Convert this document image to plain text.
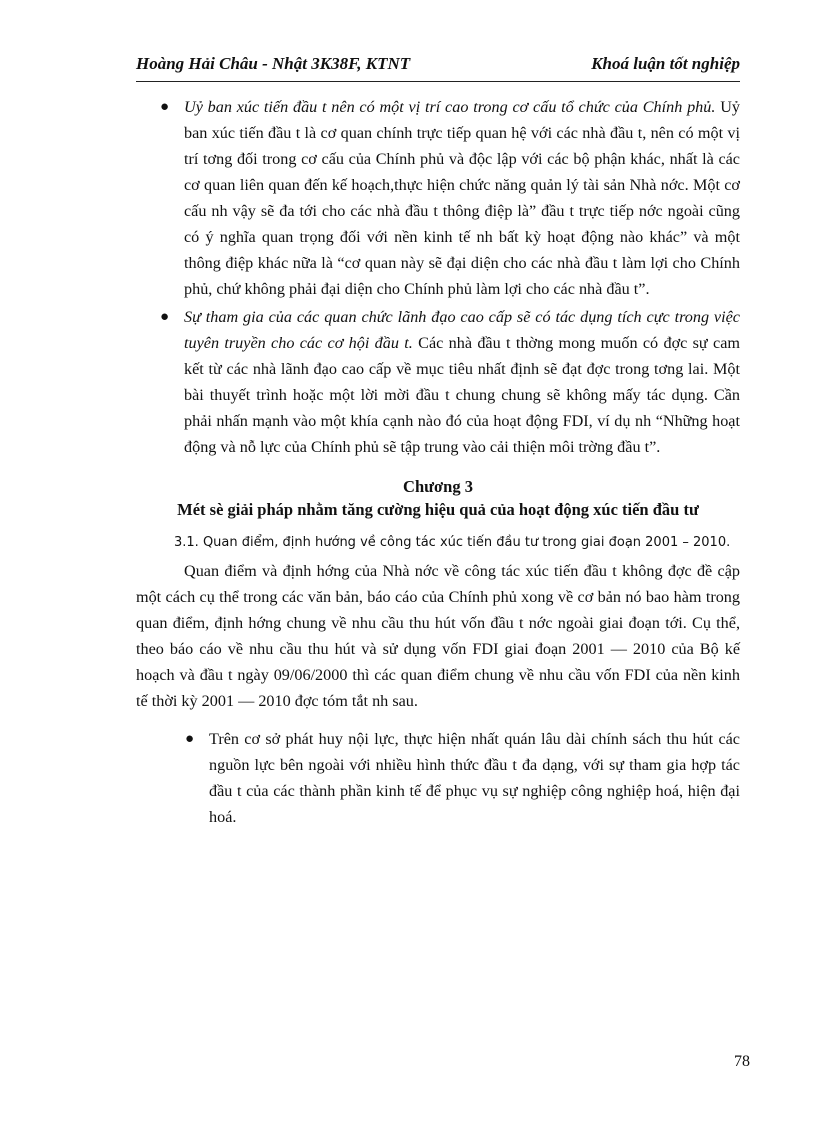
Hoàng Hải Châu - Nhật 3K38F, KTNT	Khoá luận tốt nghiệp

● Uỷ ban xúc tiến đầu t nên có một vị trí cao trong cơ cấu tổ chức của Chính phủ. Uỷ ban xúc tiến đầu t là cơ quan chính trực tiếp quan hệ với các nhà đầu t, nên có một vị trí tơng đối trong cơ cấu của Chính phủ và độc lập với các bộ phận khác, nhất là các cơ quan liên quan đến kế hoạch,thực hiện chức năng quản lý tài sản Nhà nớc. Một cơ cấu nh vậy sẽ đa tới cho các nhà đầu t thông điệp là” đầu t trực tiếp nớc ngoài cũng có ý nghĩa quan trọng đối với nền kinh tế nh bất kỳ hoạt động nào khác” và một thông điệp khác nữa là “cơ quan này sẽ đại diện cho các nhà đầu t làm lợi cho Chính phủ, chứ không phải đại diện cho Chính phủ làm lợi cho các nhà đầu t”.

● Sự tham gia của các quan chức lãnh đạo cao cấp sẽ có tác dụng tích cực trong việc tuyên truyền cho các cơ hội đầu t. Các nhà đầu t thờng mong muốn có đợc sự cam kết từ các nhà lãnh đạo cao cấp về mục tiêu nhất định sẽ đạt đợc trong tơng lai. Một bài thuyết trình hoặc một lời mời đầu t chung chung sẽ không mấy tác dụng. Cần phải nhấn mạnh vào một khía cạnh nào đó của hoạt động FDI, ví dụ nh “Những hoạt động và nỗ lực của Chính phủ sẽ tập trung vào cải thiện môi trờng đầu t”.

Chương 3
Mét sè giải pháp nhằm tăng cường hiệu quả của hoạt động xúc tiến đầu tư
3.1. Quan điểm, định hướng về công tác xúc tiến đầu tư trong giai đoạn 2001 – 2010.

Quan điểm và định hớng của Nhà nớc về công tác xúc tiến đầu t không đợc đề cập một cách cụ thể trong các văn bản, báo cáo của Chính phủ xong về cơ bản nó bao hàm trong quan điểm, định hớng chung về nhu cầu thu hút vốn đầu t nớc ngoài giai đoạn tới. Cụ thể, theo báo cáo về nhu cầu thu hút và sử dụng vốn FDI giai đoạn 2001 — 2010 của Bộ kế hoạch và đầu t ngày 09/06/2000 thì các quan điểm chung về nhu cầu vốn FDI của nền kinh tế thời kỳ 2001 — 2010 đợc tóm tắt nh sau.

● Trên cơ sở phát huy nội lực, thực hiện nhất quán lâu dài chính sách thu hút các nguồn lực bên ngoài với nhiều hình thức đầu t đa dạng, với sự tham gia hợp tác đầu t của các thành phần kinh tế để phục vụ sự nghiệp công nghiệp hoá, hiện đại hoá.

78
